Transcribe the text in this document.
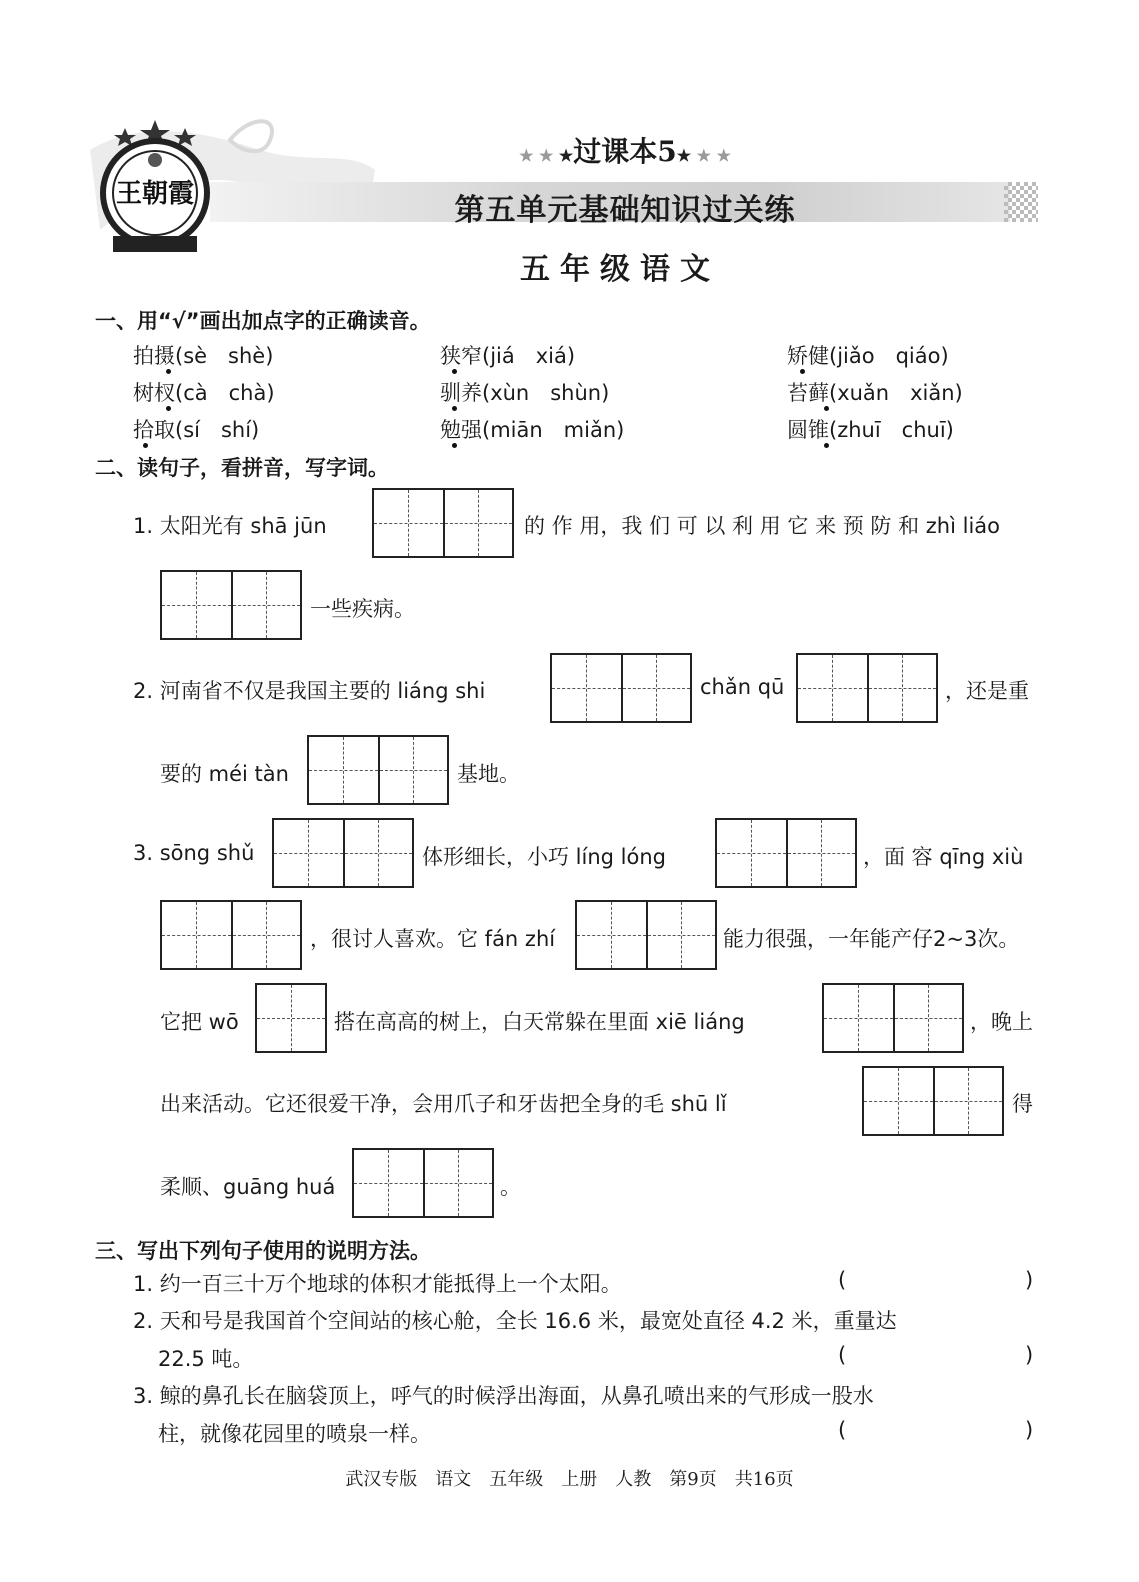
王朝霞
★ ★ ★过课本5★ ★ ★
第五单元基础知识过关练
五年级语文
一、用“√”画出加点字的正确读音。
拍摄(sè　shè)	狭窄(jiá　xiá)	矫健(jiǎo　qiáo)
树杈(cà　chà)	驯养(xùn　shùn)	苔藓(xuǎn　xiǎn)
拾取(sí　shí)	勉强(miān　miǎn)	圆锥(zhuī　chuī)
二、读句子，看拼音，写字词。
1. 太阳光有 shā jūn	的 作 用，我 们 可 以 利 用 它 来 预 防 和 zhì liáo
一些疾病。
2. 河南省不仅是我国主要的 liáng shi	chǎn qū	，还是重
要的 méi tàn	基地。
3. sōng shǔ	体形细长，小巧 líng lóng	，面 容 qīng xiù
，很讨人喜欢。它 fán zhí	能力很强，一年能产仔2~3次。
它把 wō	搭在高高的树上，白天常躲在里面 xiē liáng	，晚上
出来活动。它还很爱干净，会用爪子和牙齿把全身的毛 shū lǐ	得
柔顺、guāng huá	。
三、写出下列句子使用的说明方法。
1. 约一百三十万个地球的体积才能抵得上一个太阳。	(	)
2. 天和号是我国首个空间站的核心舱，全长 16.6 米，最宽处直径 4.2 米，重量达
22.5 吨。	(	)
3. 鲸的鼻孔长在脑袋顶上，呼气的时候浮出海面，从鼻孔喷出来的气形成一股水
柱，就像花园里的喷泉一样。	(	)
武汉专版　语文　五年级　上册　人教　第9页　共16页
